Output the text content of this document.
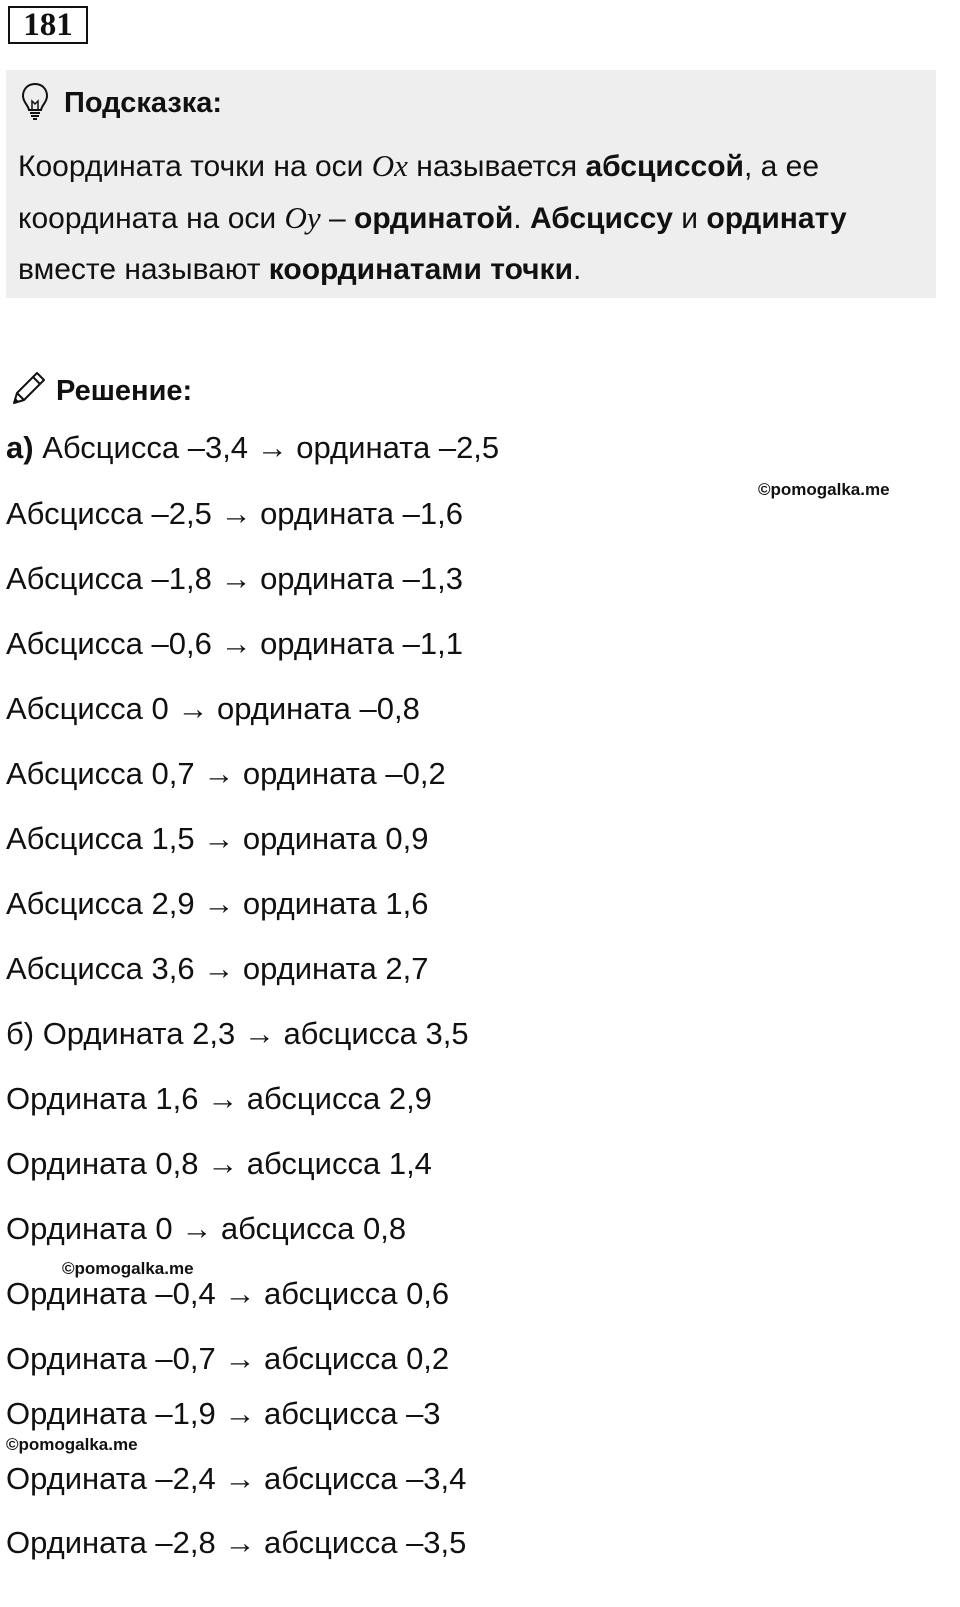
181
Подсказка:
Координата точки на оси Ox называется абсциссой, а ее координата на оси Oy – ординатой. Абсциссу и ординату вместе называют координатами точки.
Решение:
а) Абсцисса –3,4 → ордината –2,5
Абсцисса –2,5 → ордината –1,6
Абсцисса –1,8 → ордината –1,3
Абсцисса –0,6 → ордината –1,1
Абсцисса 0 → ордината –0,8
Абсцисса 0,7 → ордината –0,2
Абсцисса 1,5 → ордината 0,9
Абсцисса 2,9 → ордината 1,6
Абсцисса 3,6 → ордината 2,7
б) Ордината 2,3 → абсцисса 3,5
Ордината 1,6 → абсцисса 2,9
Ордината 0,8 → абсцисса 1,4
Ордината 0 → абсцисса 0,8
Ордината –0,4 → абсцисса 0,6
Ордината –0,7 → абсцисса 0,2
Ордината –1,9 → абсцисса –3
Ордината –2,4 → абсцисса –3,4
Ордината –2,8 → абсцисса –3,5
©pomogalka.me
©pomogalka.me
©pomogalka.me
